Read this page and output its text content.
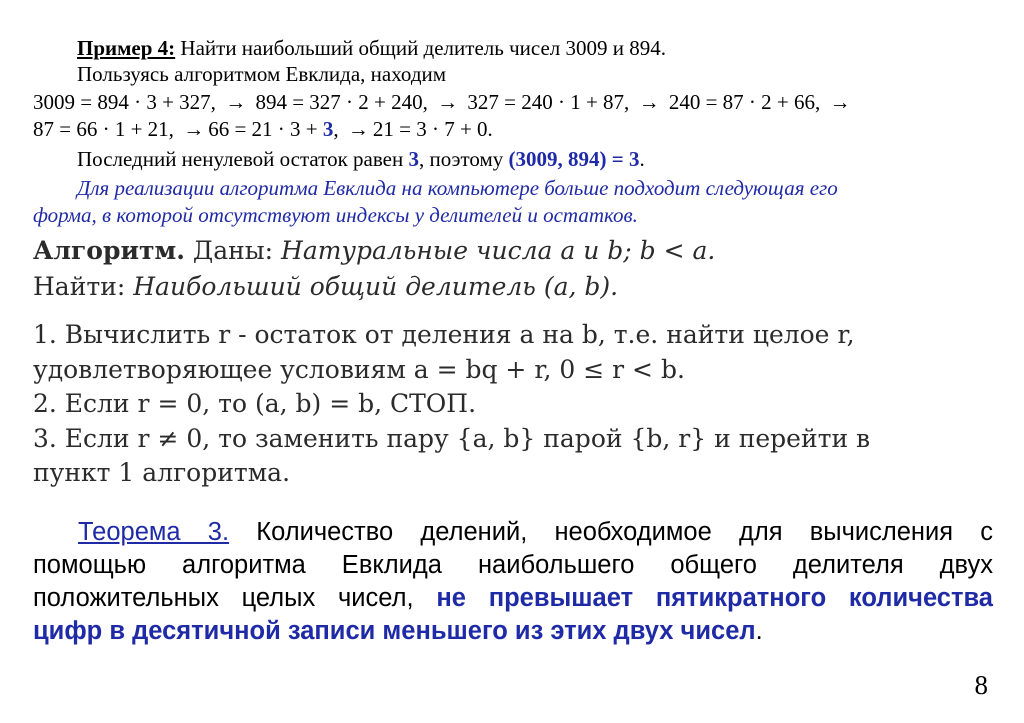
Пример 4: Найти наибольший общий делитель чисел 3009 и 894.
Пользуясь алгоритмом Евклида, находим
3009 = 894 · 3 + 327, → 894 = 327 · 2 + 240, → 327 = 240 · 1 + 87, → 240 = 87 · 2 + 66, →
87 = 66 · 1 + 21, → 66 = 21 · 3 + 3, → 21 = 3 · 7 + 0.
Последний ненулевой остаток равен 3, поэтому (3009, 894) = 3.
Для реализации алгоритма Евклида на компьютере больше подходит следующая его
форма, в которой отсутствуют индексы у делителей и остатков.
Алгоритм. Даны: Натуральные числа a и b; b < a.
Найти: Наибольший общий делитель (a, b).
1. Вычислить r - остаток от деления a на b, т.е. найти целое r,
удовлетворяющее условиям a = bq + r, 0 ≤ r < b.
2. Если r = 0, то (a, b) = b, СТОП.
3. Если r ≠ 0, то заменить пару {a, b} парой {b, r} и перейти в
пункт 1 алгоритма.
Теорема 3. Количество делений, необходимое для вычисления с
помощью алгоритма Евклида наибольшего общего делителя двух
положительных целых чисел, не превышает пятикратного количества
цифр в десятичной записи меньшего из этих двух чисел.
8
